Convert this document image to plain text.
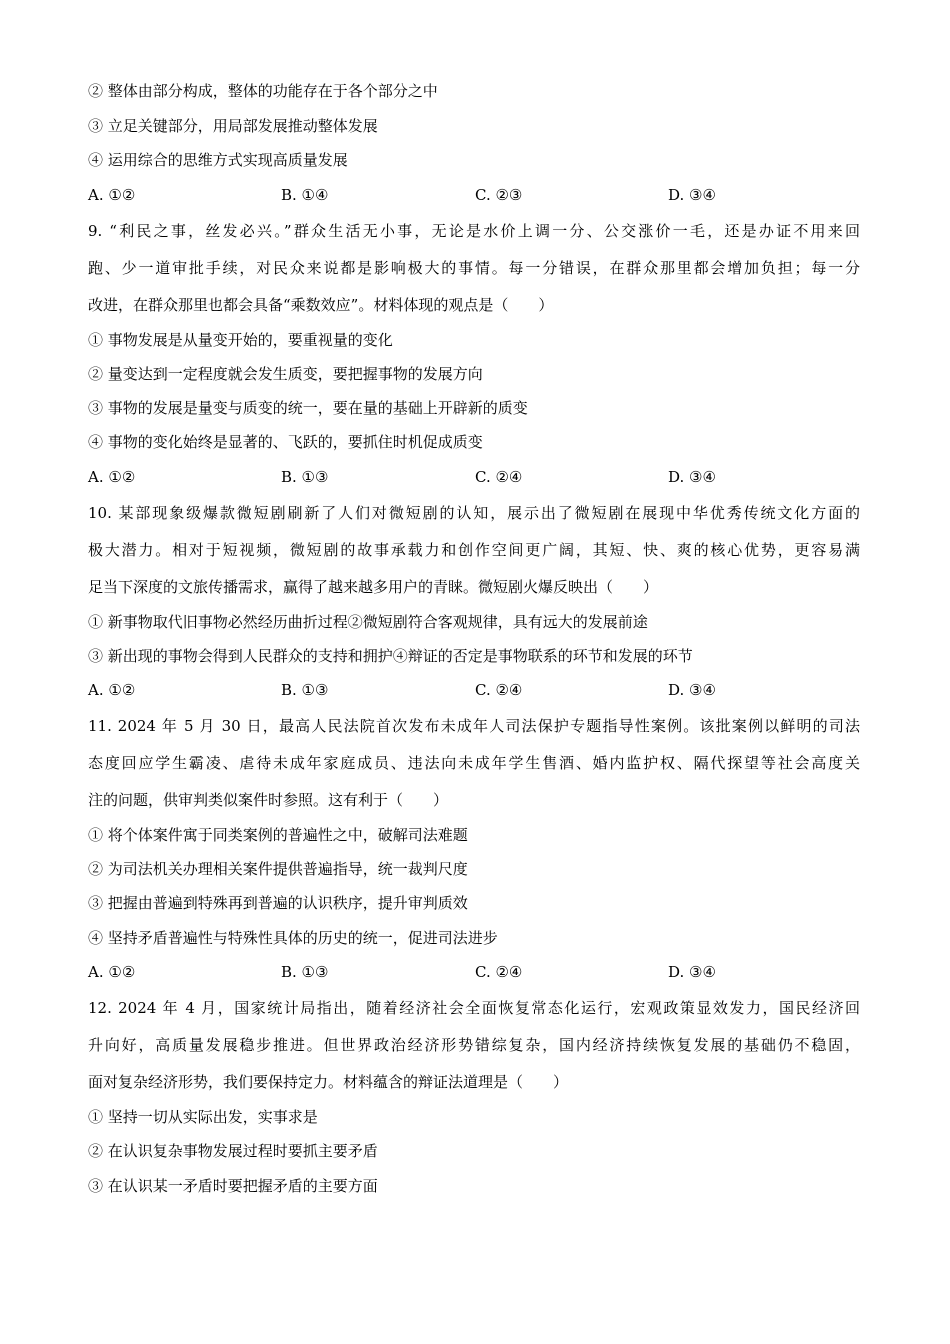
② 整体由部分构成，整体的功能存在于各个部分之中
③ 立足关键部分，用局部发展推动整体发展
④ 运用综合的思维方式实现高质量发展
A. ①②	B. ①④	C. ②③	D. ③④
9. “利民之事，丝发必兴。”群众生活无小事，无论是水价上调一分、公交涨价一毛，还是办证不用来回
跑、少一道审批手续，对民众来说都是影响极大的事情。每一分错误，在群众那里都会增加负担；每一分
改进，在群众那里也都会具备“乘数效应”。材料体现的观点是（　　）
① 事物发展是从量变开始的，要重视量的变化
② 量变达到一定程度就会发生质变，要把握事物的发展方向
③ 事物的发展是量变与质变的统一，要在量的基础上开辟新的质变
④ 事物的变化始终是显著的、飞跃的，要抓住时机促成质变
A. ①②	B. ①③	C. ②④	D. ③④
10. 某部现象级爆款微短剧刷新了人们对微短剧的认知，展示出了微短剧在展现中华优秀传统文化方面的
极大潜力。相对于短视频，微短剧的故事承载力和创作空间更广阔，其短、快、爽的核心优势，更容易满
足当下深度的文旅传播需求，赢得了越来越多用户的青睐。微短剧火爆反映出（　　）
① 新事物取代旧事物必然经历曲折过程②微短剧符合客观规律，具有远大的发展前途
③ 新出现的事物会得到人民群众的支持和拥护④辩证的否定是事物联系的环节和发展的环节
A. ①②	B. ①③	C. ②④	D. ③④
11. 2024 年 5 月 30 日，最高人民法院首次发布未成年人司法保护专题指导性案例。该批案例以鲜明的司法
态度回应学生霸凌、虐待未成年家庭成员、违法向未成年学生售酒、婚内监护权、隔代探望等社会高度关
注的问题，供审判类似案件时参照。这有利于（　　）
① 将个体案件寓于同类案例的普遍性之中，破解司法难题
② 为司法机关办理相关案件提供普遍指导，统一裁判尺度
③ 把握由普遍到特殊再到普遍的认识秩序，提升审判质效
④ 坚持矛盾普遍性与特殊性具体的历史的统一，促进司法进步
A. ①②	B. ①③	C. ②④	D. ③④
12. 2024 年 4 月，国家统计局指出，随着经济社会全面恢复常态化运行，宏观政策显效发力，国民经济回
升向好，高质量发展稳步推进。但世界政治经济形势错综复杂，国内经济持续恢复发展的基础仍不稳固，
面对复杂经济形势，我们要保持定力。材料蕴含的辩证法道理是（　　）
① 坚持一切从实际出发，实事求是
② 在认识复杂事物发展过程时要抓主要矛盾
③ 在认识某一矛盾时要把握矛盾的主要方面
